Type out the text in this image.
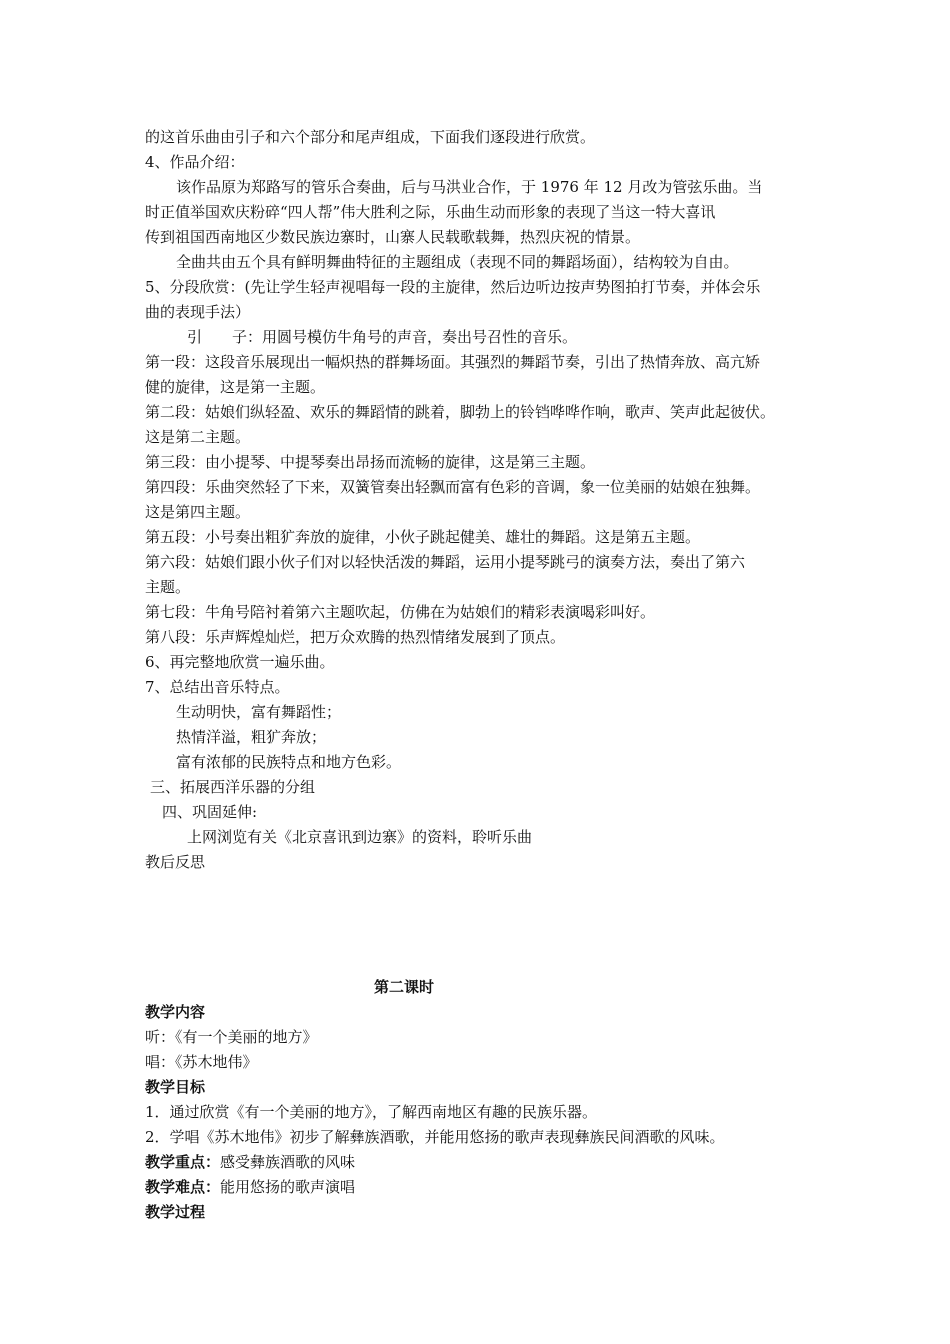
的这首乐曲由引子和六个部分和尾声组成，下面我们逐段进行欣赏。
4、作品介绍：
该作品原为郑路写的管乐合奏曲，后与马洪业合作，于 1976 年 12 月改为管弦乐曲。当
时正值举国欢庆粉碎“四人帮”伟大胜利之际，乐曲生动而形象的表现了当这一特大喜讯
传到祖国西南地区少数民族边寨时，山寨人民载歌载舞，热烈庆祝的情景。
全曲共由五个具有鲜明舞曲特征的主题组成（表现不同的舞蹈场面），结构较为自由。
5、分段欣赏：(先让学生轻声视唱每一段的主旋律，然后边听边按声势图拍打节奏，并体会乐
曲的表现手法）
引　　子：用圆号模仿牛角号的声音，奏出号召性的音乐。
第一段：这段音乐展现出一幅炽热的群舞场面。其强烈的舞蹈节奏，引出了热情奔放、高亢矫
健的旋律，这是第一主题。
第二段：姑娘们纵轻盈、欢乐的舞蹈情的跳着，脚勃上的铃铛哗哗作响，歌声、笑声此起彼伏。
这是第二主题。
第三段：由小提琴、中提琴奏出昂扬而流畅的旋律，这是第三主题。
第四段：乐曲突然轻了下来，双簧管奏出轻飘而富有色彩的音调，象一位美丽的姑娘在独舞。
这是第四主题。
第五段：小号奏出粗犷奔放的旋律，小伙子跳起健美、雄壮的舞蹈。这是第五主题。
第六段：姑娘们跟小伙子们对以轻快活泼的舞蹈，运用小提琴跳弓的演奏方法，奏出了第六
主题。
第七段：牛角号陪衬着第六主题吹起，仿佛在为姑娘们的精彩表演喝彩叫好。
第八段：乐声辉煌灿烂，把万众欢腾的热烈情绪发展到了顶点。
6、再完整地欣赏一遍乐曲。
7、总结出音乐特点。
生动明快，富有舞蹈性；
热情洋溢，粗犷奔放；
富有浓郁的民族特点和地方色彩。
三、拓展西洋乐器的分组
四、巩固延伸:
上网浏览有关《北京喜讯到边寨》的资料，聆听乐曲
教后反思
第二课时
教学内容
听：《有一个美丽的地方》
唱：《苏木地伟》
教学目标
1．通过欣赏《有一个美丽的地方》，了解西南地区有趣的民族乐器。
2．学唱《苏木地伟》初步了解彝族酒歌，并能用悠扬的歌声表现彝族民间酒歌的风味。
教学重点：感受彝族酒歌的风味
教学难点：能用悠扬的歌声演唱
教学过程
